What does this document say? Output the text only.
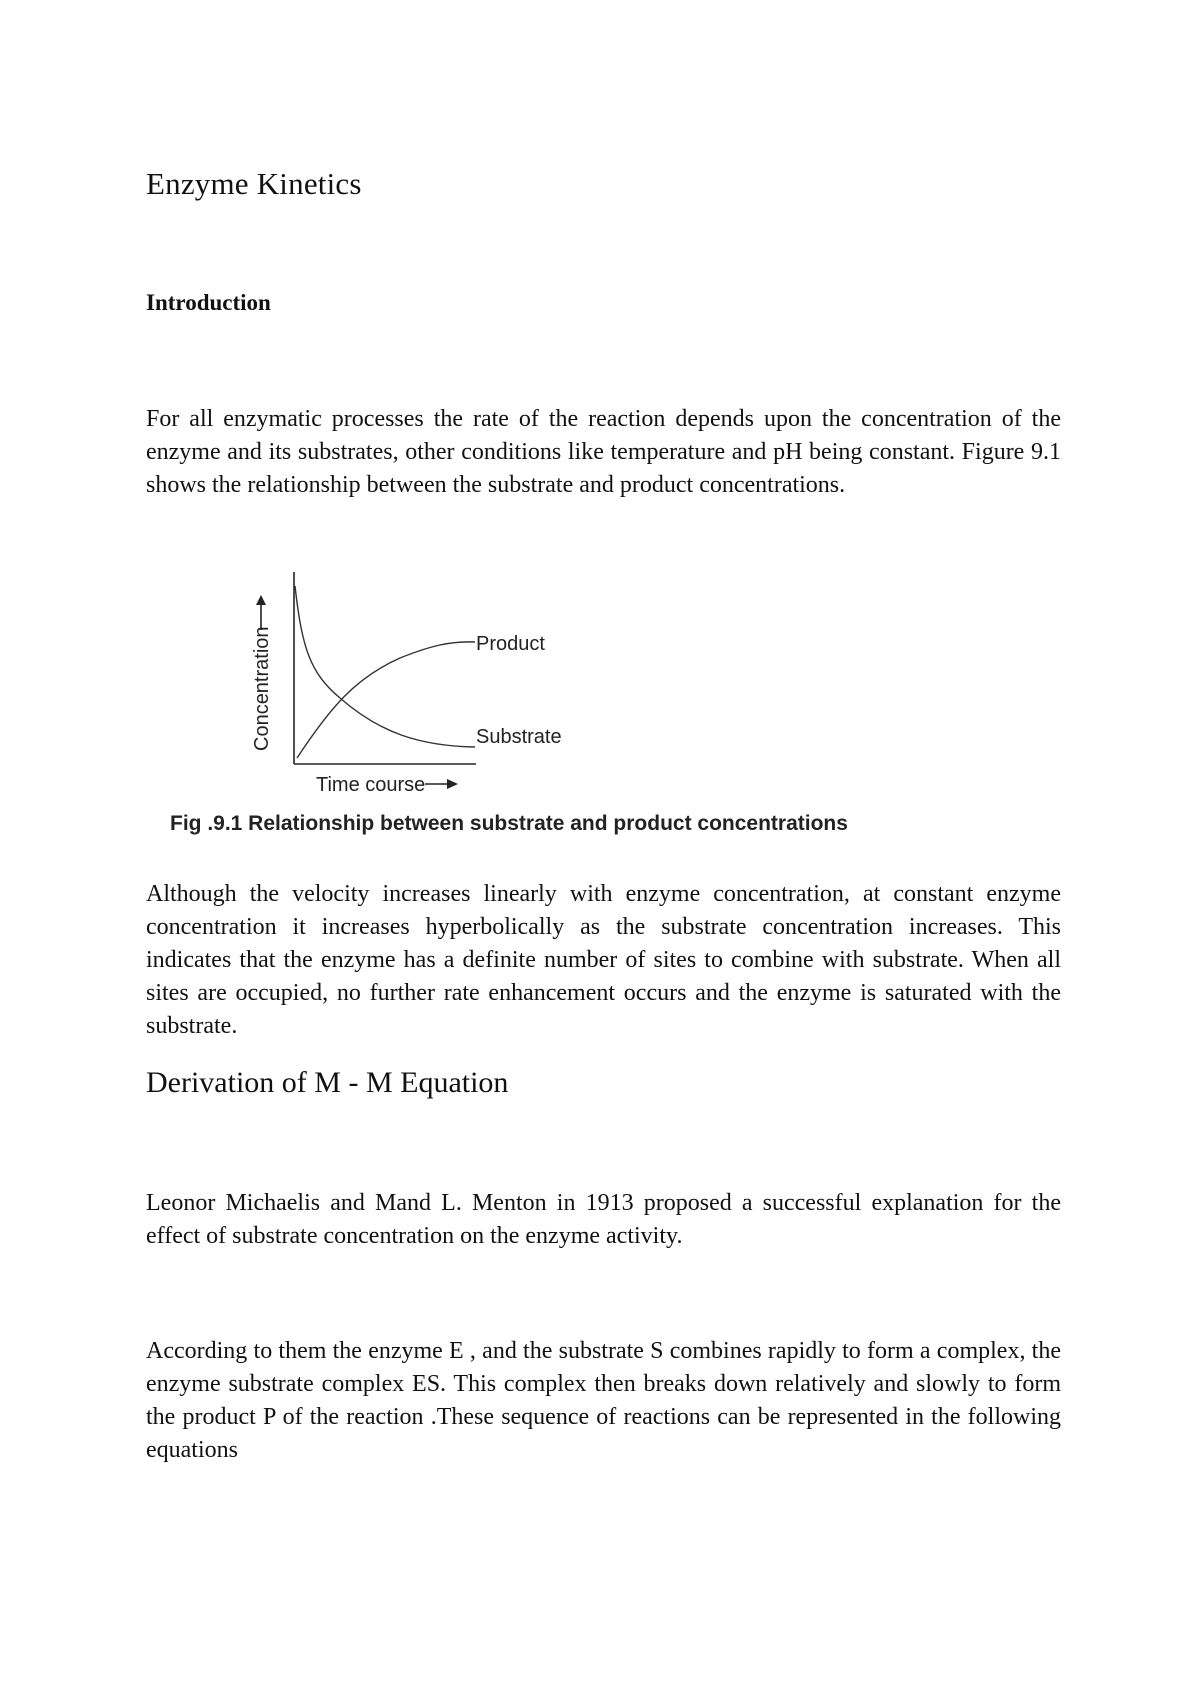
Enzyme Kinetics
Introduction

For all enzymatic processes the rate of the reaction depends upon the concentration of the enzyme and its substrates, other conditions like temperature and pH being constant. Figure 9.1 shows the relationship between the substrate and product concentrations.

Concentration	Product
Substrate
Time course

Fig .9.1 Relationship between substrate and product concentrations

Although the velocity increases linearly with enzyme concentration, at constant enzyme concentration it increases hyperbolically as the substrate concentration increases. This indicates that the enzyme has a definite number of sites to combine with substrate. When all sites are occupied, no further rate enhancement occurs and the enzyme is saturated with the substrate.

Derivation of M - M Equation

Leonor Michaelis and Mand L. Menton in 1913 proposed a successful explanation for the effect of substrate concentration on the enzyme activity.

According to them the enzyme E , and the substrate S combines rapidly to form a complex, the enzyme substrate complex ES. This complex then breaks down relatively and slowly to form the product P of the reaction .These sequence of reactions can be represented in the following equations
